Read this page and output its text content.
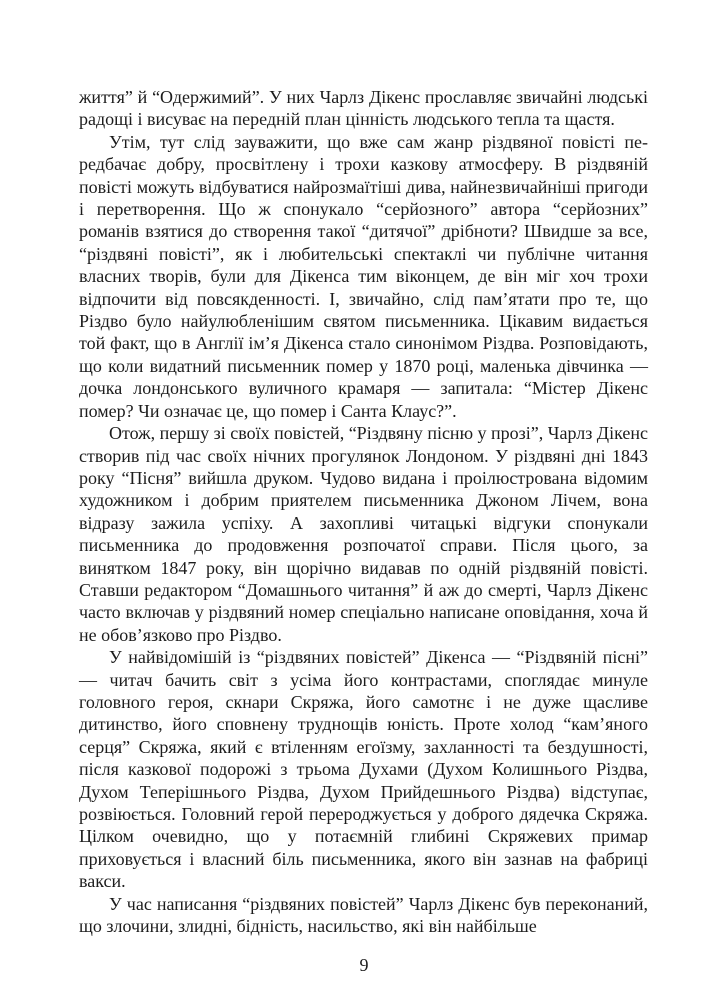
життя” й “Одержимий”. У них Чарлз Дікенс прославляє звичайні людські радощі і висуває на передній план цінність людського тепла та щастя.

Утім, тут слід зауважити, що вже сам жанр різдвяної повісті передбачає добру, просвітлену і трохи казкову атмосферу. В різдвяній повісті можуть відбуватися найрозмаїтіші дива, найнезвичайніші пригоди і перетворення. Що ж спонукало “серйозного” автора “серйозних” романів взятися до створення такої “дитячої” дрібноти? Швидше за все, “різдвяні повісті”, як і любительські спектаклі чи публічне читання власних творів, були для Дікенса тим віконцем, де він міг хоч трохи відпочити від повсякденності. І, звичайно, слід пам’ятати про те, що Різдво було найулюбленішим святом письменника. Цікавим видається той факт, що в Англії ім’я Дікенса стало синонімом Різдва. Розповідають, що коли видатний письменник помер у 1870 році, маленька дівчинка — дочка лондонського вуличного крамаря — запитала: “Містер Дікенс помер? Чи означає це, що помер і Санта Клаус?”.

Отож, першу зі своїх повістей, “Різдвяну пісню у прозі”, Чарлз Дікенс створив під час своїх нічних прогулянок Лондоном. У різдвяні дні 1843 року “Пісня” вийшла друком. Чудово видана і проілюстрована відомим художником і добрим приятелем письменника Джоном Лічем, вона відразу зажила успіху. А захопливі читацькі відгуки спонукали письменника до продовження розпочатої справи. Після цього, за винятком 1847 року, він щорічно видавав по одній різдвяній повісті. Ставши редактором “Домашнього читання” й аж до смерті, Чарлз Дікенс часто включав у різдвяний номер спеціально написане оповідання, хоча й не обов’язково про Різдво.

У найвідомішій із “різдвяних повістей” Дікенса — “Різдвяній пісні” — читач бачить світ з усіма його контрастами, споглядає минуле головного героя, скнари Скряжа, його самотнє і не дуже щасливе дитинство, його сповнену труднощів юність. Проте холод “кам’яного серця” Скряжа, який є втіленням егоїзму, захланності та бездушності, після казкової подорожі з трьома Духами (Духом Колишнього Різдва, Духом Теперішнього Різдва, Духом Прийдешнього Різдва) відступає, розвіюється. Головний герой перероджується у доброго дядечка Скряжа. Цілком очевидно, що у потаємній глибині Скряжевих примар приховується і власний біль письменника, якого він зазнав на фабриці вакси.

У час написання “різдвяних повістей” Чарлз Дікенс був переконаний, що злочини, злидні, бідність, насильство, які він найбільше

9
